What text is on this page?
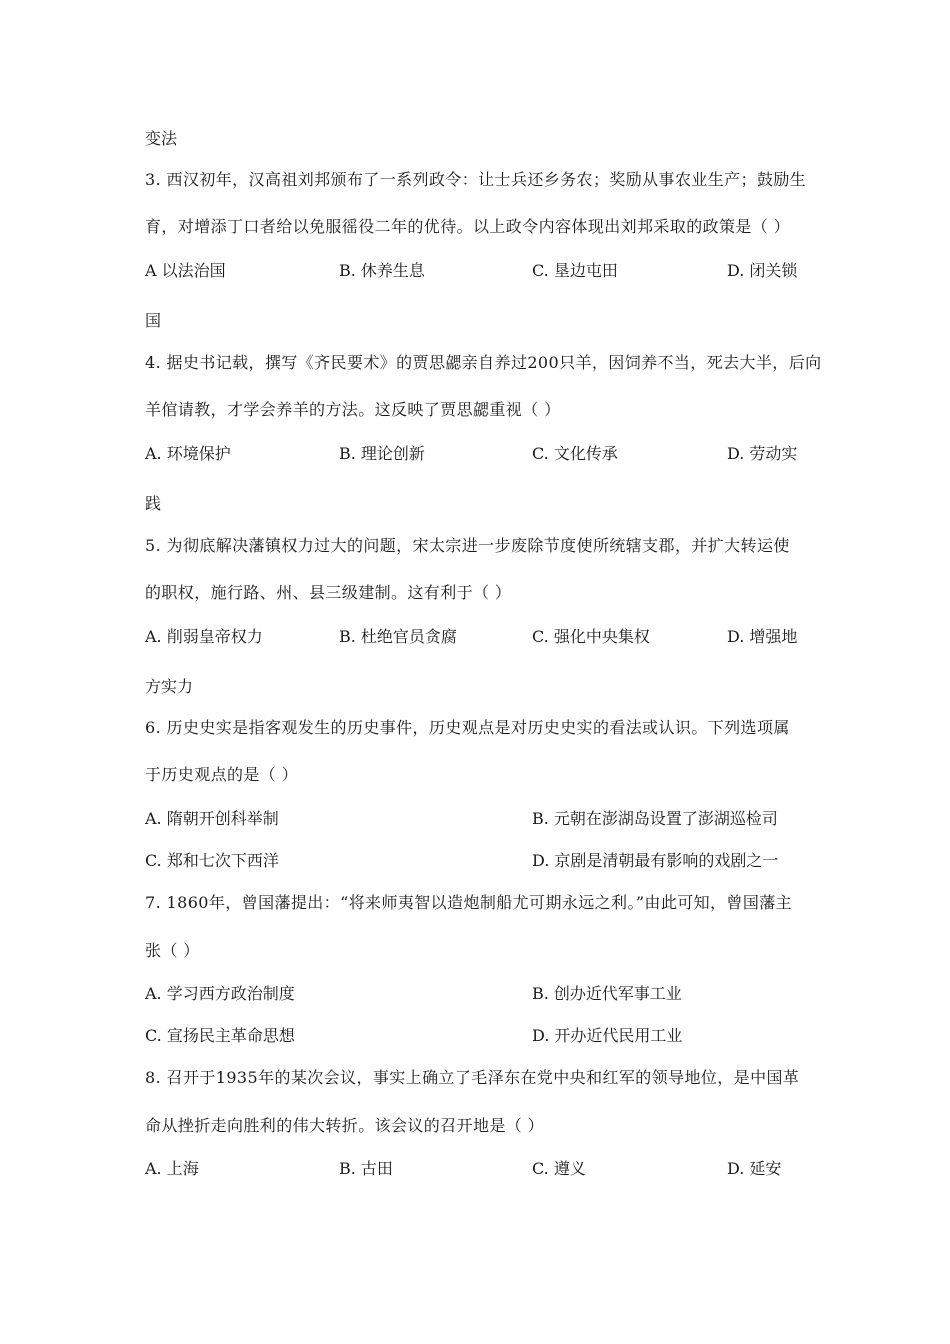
变法
3. 西汉初年，汉高祖刘邦颁布了一系列政令：让士兵还乡务农；奖励从事农业生产；鼓励生
育，对增添丁口者给以免服徭役二年的优待。以上政令内容体现出刘邦采取的政策是（ ）
A 以法治国	B. 休养生息	C. 垦边屯田	D. 闭关锁
国
4. 据史书记载，撰写《齐民要术》的贾思勰亲自养过200只羊，因饲养不当，死去大半，后向
羊倌请教，才学会养羊的方法。这反映了贾思勰重视（ ）
A. 环境保护	B. 理论创新	C. 文化传承	D. 劳动实
践
5. 为彻底解决藩镇权力过大的问题，宋太宗进一步废除节度使所统辖支郡，并扩大转运使
的职权，施行路、州、县三级建制。这有利于（ ）
A. 削弱皇帝权力	B. 杜绝官员贪腐	C. 强化中央集权	D. 增强地
方实力
6. 历史史实是指客观发生的历史事件，历史观点是对历史史实的看法或认识。下列选项属
于历史观点的是（ ）
A. 隋朝开创科举制	B. 元朝在澎湖岛设置了澎湖巡检司
C. 郑和七次下西洋	D. 京剧是清朝最有影响的戏剧之一
7. 1860年，曾国藩提出：“将来师夷智以造炮制船尤可期永远之利。”由此可知，曾国藩主
张（ ）
A. 学习西方政治制度	B. 创办近代军事工业
C. 宣扬民主革命思想	D. 开办近代民用工业
8. 召开于1935年的某次会议，事实上确立了毛泽东在党中央和红军的领导地位，是中国革
命从挫折走向胜利的伟大转折。该会议的召开地是（ ）
A. 上海	B. 古田	C. 遵义	D. 延安
